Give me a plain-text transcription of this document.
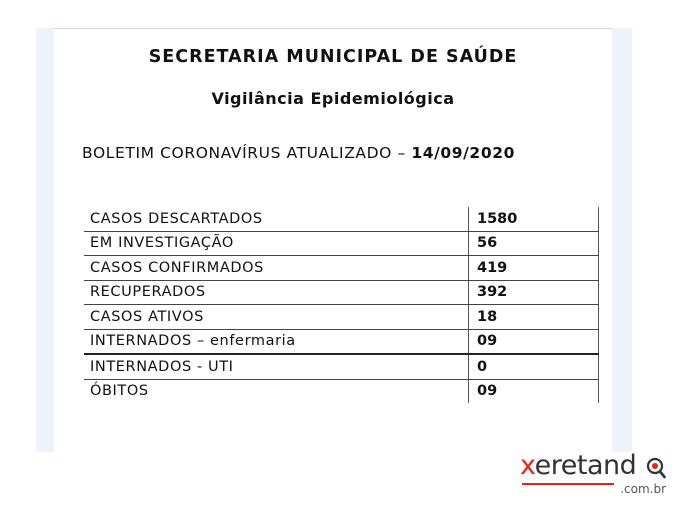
SECRETARIA MUNICIPAL DE SAÚDE
Vigilância Epidemiológica
BOLETIM CORONAVÍRUS ATUALIZADO – 14/09/2020
CASOS DESCARTADOS	1580
EM INVESTIGAÇÃO	56
CASOS CONFIRMADOS	419
RECUPERADOS	392
CASOS ATIVOS	18
INTERNADOS – enfermaria	09
INTERNADOS - UTI	0
ÓBITOS	09
xeretand
.com.br
